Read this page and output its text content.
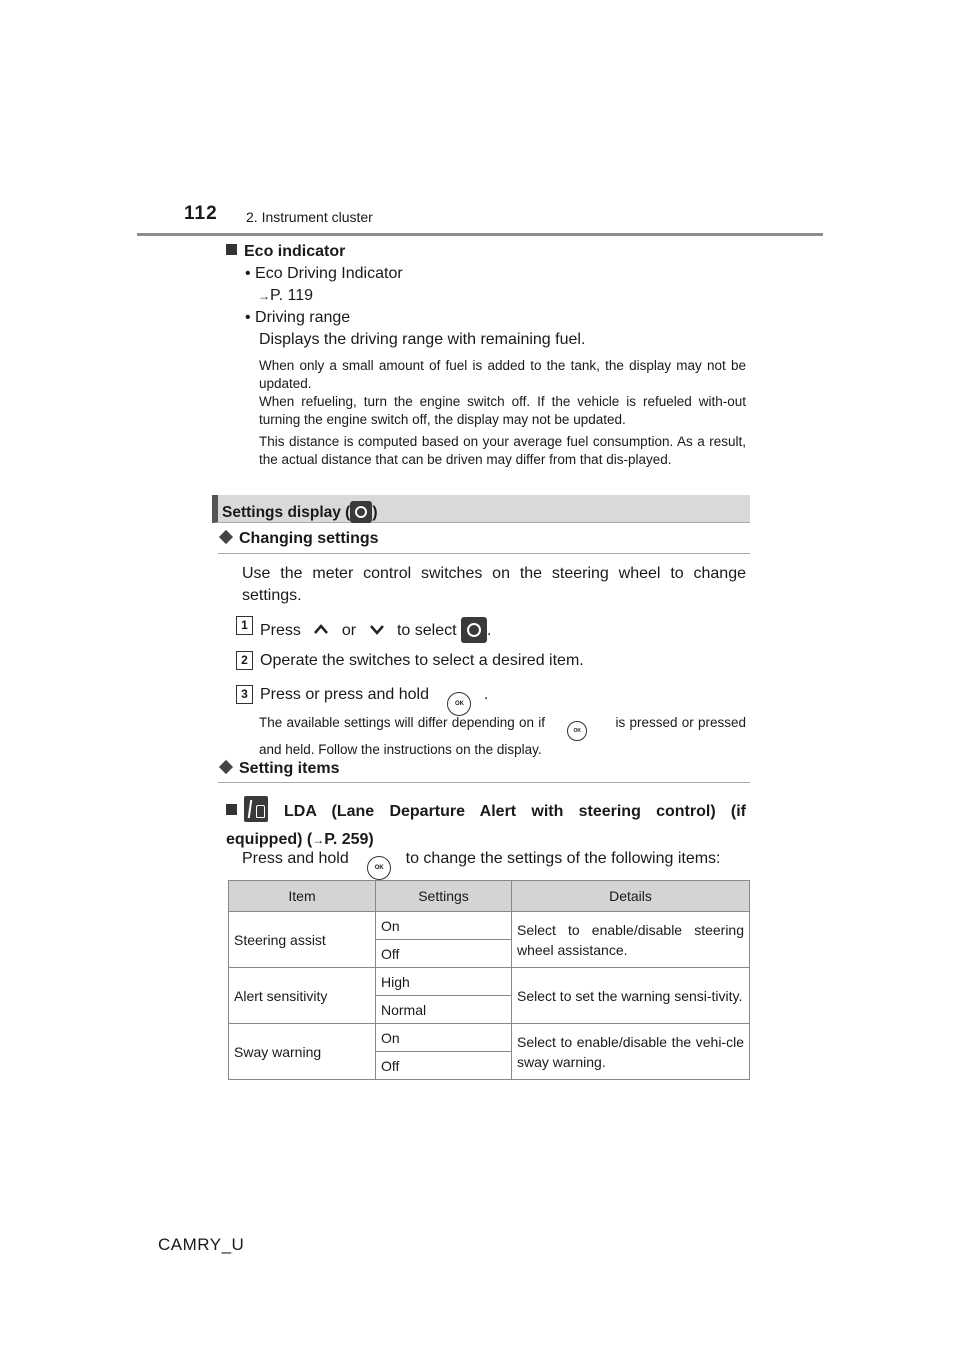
112 2. Instrument cluster
Eco indicator
• Eco Driving Indicator
→P. 119
• Driving range
Displays the driving range with remaining fuel.
When only a small amount of fuel is added to the tank, the display may not be updated.
When refueling, turn the engine switch off. If the vehicle is refueled with-out turning the engine switch off, the display may not be updated.
This distance is computed based on your average fuel consumption. As a result, the actual distance that can be driven may differ from that dis-played.
Settings display ( )
Changing settings
Use the meter control switches on the steering wheel to change settings.
1 Press	or	to select .
2 Operate the switches to select a desired item.
3 Press or press and hold OK .
The available settings will differ depending on if OK is pressed or pressed and held. Follow the instructions on the display.
Setting items
LDA (Lane Departure Alert with steering control) (if equipped) (→P. 259)
Press and hold OK to change the settings of the following items:
Item	Settings	Details
Steering assist	On	Select to enable/disable steering wheel assistance.
	Off	
Alert sensitivity	High	Select to set the warning sensi-tivity.
	Normal	
Sway warning	On	Select to enable/disable the vehi-cle sway warning.
	Off	
CAMRY_U
